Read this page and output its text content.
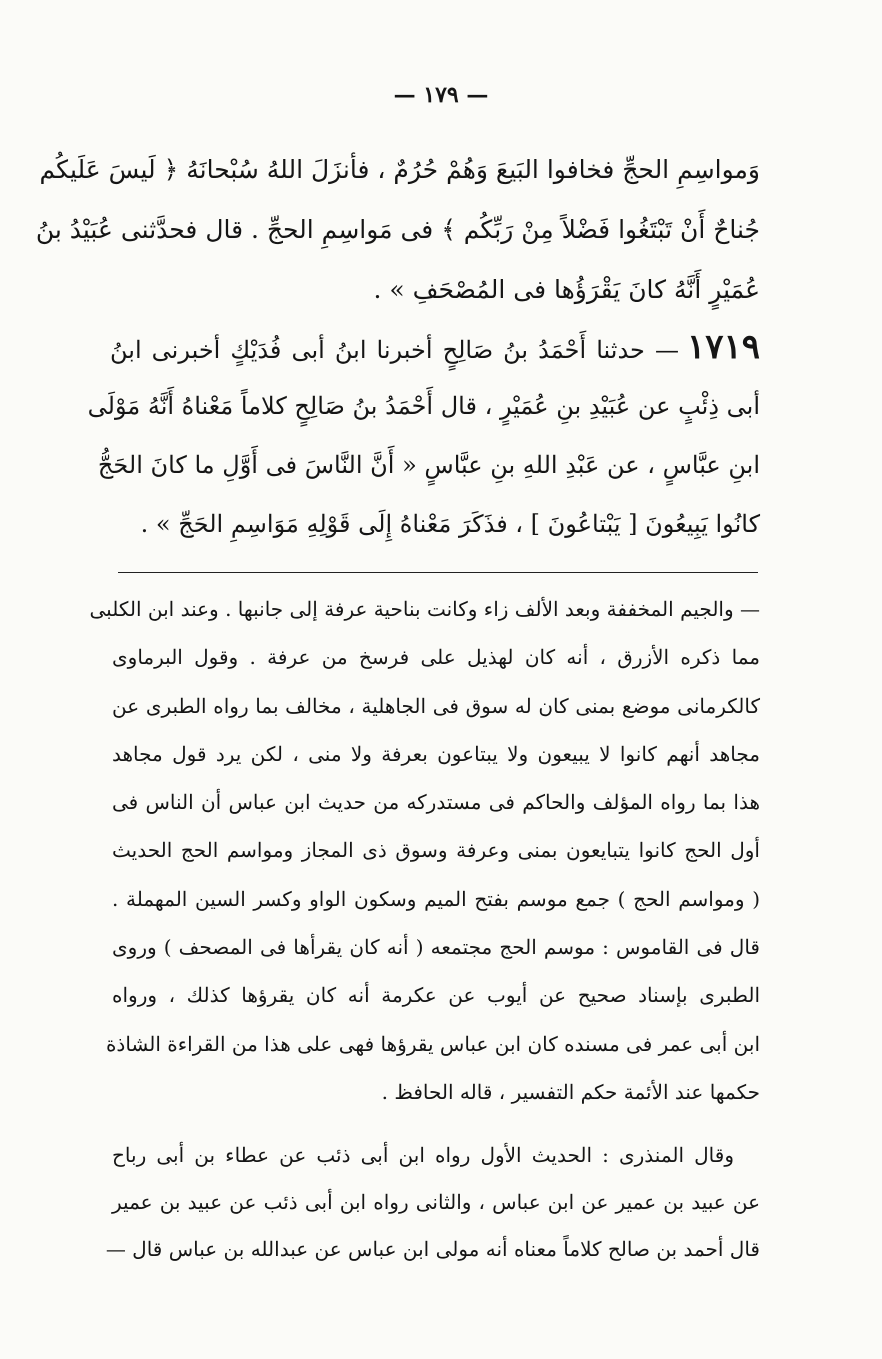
— ١٧٩ —
وَمواسِمِ الحجِّ فخافوا البَيعَ وَهُمْ حُرُمٌ ، فأنزَلَ اللهُ سُبْحانَهُ ﴿ لَيسَ عَلَيكُم
جُناحٌ أَنْ تَبْتَغُوا فَضْلاً مِنْ رَبِّكُم ﴾ فى مَواسِمِ الحجِّ . قال فحدَّثنى عُبَيْدُ بنُ
عُمَيْرٍ أَنَّهُ كانَ يَقْرَؤُها فى المُصْحَفِ » .
١٧١٩— حدثنا أَحْمَدُ بنُ صَالِحٍ أخبرنا ابنُ أبى فُدَيْكٍ أخبرنى ابنُ
أبى ذِئْبٍ عن عُبَيْدِ بنِ عُمَيْرٍ ، قال أَحْمَدُ بنُ صَالِحٍ كلاماً مَعْناهُ أَنَّهُ مَوْلَى
ابنِ عبَّاسٍ ، عن عَبْدِ اللهِ بنِ عبَّاسٍ « أَنَّ النَّاسَ فى أَوَّلِ ما كانَ الحَجُّ
كانُوا يَبِيعُونَ [ يَبْتاعُونَ ] ، فذَكَرَ مَعْناهُ إِلَى قَوْلِهِ مَوَاسِمِ الحَجِّ » .
— والجيم المخففة وبعد الألف زاء وكانت بناحية عرفة إلى جانبها . وعند ابن الكلبى
مما ذكره الأزرق ، أنه كان لهذيل على فرسخ من عرفة . وقول البرماوى
كالكرمانى موضع بمنى كان له سوق فى الجاهلية ، مخالف بما رواه الطبرى عن
مجاهد أنهم كانوا لا يبيعون ولا يبتاعون بعرفة ولا منى ، لكن يرد قول مجاهد
هذا بما رواه المؤلف والحاكم فى مستدركه من حديث ابن عباس أن الناس فى
أول الحج كانوا يتبايعون بمنى وعرفة وسوق ذى المجاز ومواسم الحج الحديث
( ومواسم الحج ) جمع موسم بفتح الميم وسكون الواو وكسر السين المهملة .
قال فى القاموس : موسم الحج مجتمعه ( أنه كان يقرأها فى المصحف ) وروى
الطبرى بإسناد صحيح عن أيوب عن عكرمة أنه كان يقرؤها كذلك ، ورواه
ابن أبى عمر فى مسنده كان ابن عباس يقرؤها فهى على هذا من القراءة الشاذة
حكمها عند الأئمة حكم التفسير ، قاله الحافظ .
وقال المنذرى : الحديث الأول رواه ابن أبى ذئب عن عطاء بن أبى رباح
عن عبيد بن عمير عن ابن عباس ، والثانى رواه ابن أبى ذئب عن عبيد بن عمير
قال أحمد بن صالح كلاماً معناه أنه مولى ابن عباس عن عبدالله بن عباس قال —
